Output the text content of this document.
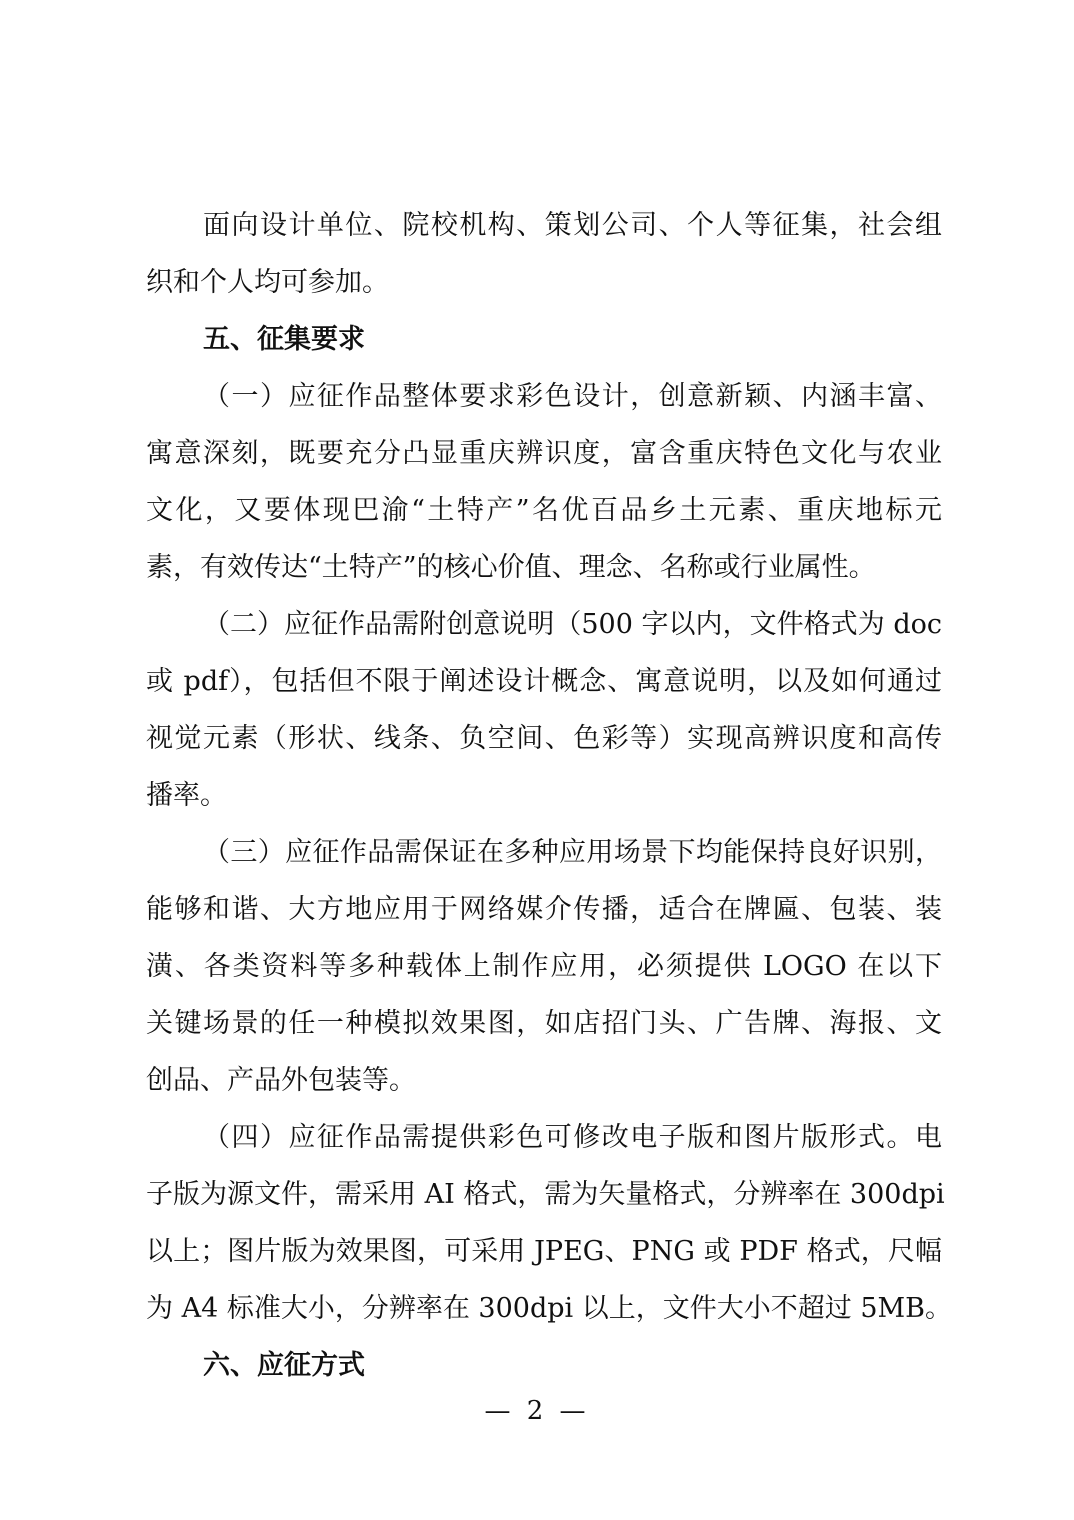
面向设计单位、院校机构、策划公司、个人等征集，社会组
织和个人均可参加。
五、征集要求
（一）应征作品整体要求彩色设计，创意新颖、内涵丰富、
寓意深刻，既要充分凸显重庆辨识度，富含重庆特色文化与农业
文化，又要体现巴渝“土特产”名优百品乡土元素、重庆地标元
素，有效传达“土特产”的核心价值、理念、名称或行业属性。
（二）应征作品需附创意说明（500 字以内，文件格式为 doc
或 pdf），包括但不限于阐述设计概念、寓意说明，以及如何通过
视觉元素（形状、线条、负空间、色彩等）实现高辨识度和高传
播率。
（三）应征作品需保证在多种应用场景下均能保持良好识别，
能够和谐、大方地应用于网络媒介传播，适合在牌匾、包装、装
潢、各类资料等多种载体上制作应用，必须提供 LOGO 在以下
关键场景的任一种模拟效果图，如店招门头、广告牌、海报、文
创品、产品外包装等。
（四）应征作品需提供彩色可修改电子版和图片版形式。电
子版为源文件，需采用 AI 格式，需为矢量格式，分辨率在 300dpi
以上；图片版为效果图，可采用 JPEG、PNG 或 PDF 格式，尺幅
为 A4 标准大小，分辨率在 300dpi 以上，文件大小不超过 5MB。
六、应征方式
— 2 —
